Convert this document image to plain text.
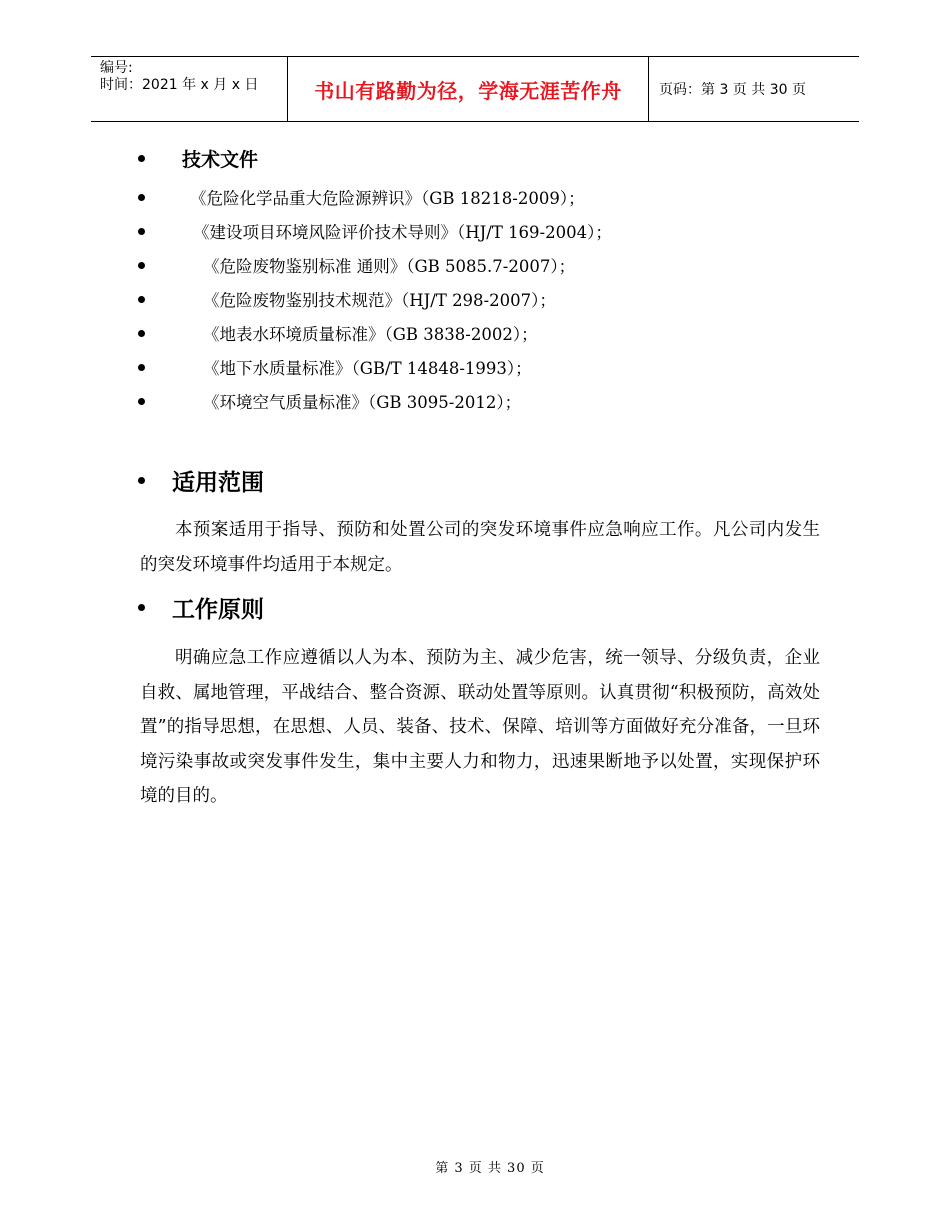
编号:
时间：2021 年 x 月 x 日	书山有路勤为径，学海无涯苦作舟	页码：第 3 页 共 30 页
技术文件
《危险化学品重大危险源辨识》（GB 18218-2009）；
《建设项目环境风险评价技术导则》（HJ/T 169-2004）；
《危险废物鉴别标准 通则》（GB 5085.7-2007）；
《危险废物鉴别技术规范》（HJ/T 298-2007）；
《地表水环境质量标准》（GB 3838-2002）；
《地下水质量标准》（GB/T 14848-1993）；
《环境空气质量标准》（GB 3095-2012）；
适用范围

本预案适用于指导、预防和处置公司的突发环境事件应急响应工作。凡公司内发生的突发环境事件均适用于本规定。

工作原则

明确应急工作应遵循以人为本、预防为主、减少危害，统一领导、分级负责，企业自救、属地管理，平战结合、整合资源、联动处置等原则。认真贯彻“积极预防，高效处置”的指导思想，在思想、人员、装备、技术、保障、培训等方面做好充分准备，一旦环境污染事故或突发事件发生，集中主要人力和物力，迅速果断地予以处置，实现保护环境的目的。

第 3 页 共 30 页
